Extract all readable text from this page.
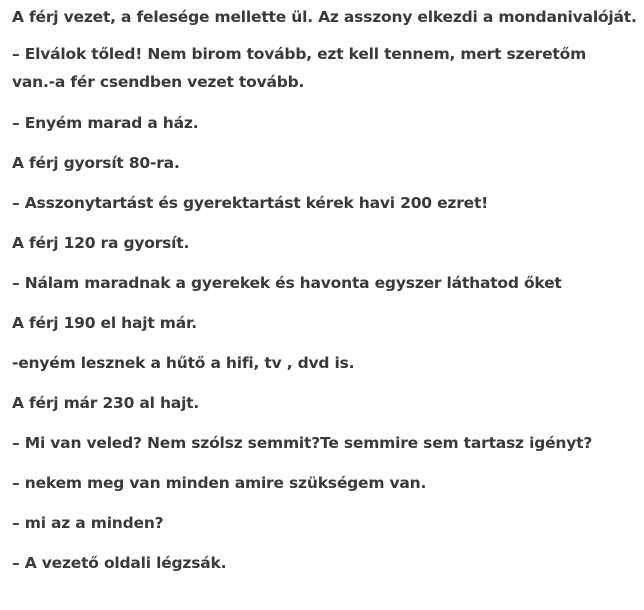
A férj vezet, a felesége mellette ül. Az asszony elkezdi a mondanivalóját.

– Elválok tőled! Nem birom tovább, ezt kell tennem, mert szeretőm

van.-a fér csendben vezet tovább.

– Enyém marad a ház.

A férj gyorsít 80-ra.

– Asszonytartást és gyerektartást kérek havi 200 ezret!

A férj 120 ra gyorsít.

– Nálam maradnak a gyerekek és havonta egyszer láthatod őket

A férj 190 el hajt már.

-enyém lesznek a hűtő a hifi, tv , dvd is.

A férj már 230 al hajt.

– Mi van veled? Nem szólsz semmit?Te semmire sem tartasz igényt?

– nekem meg van minden amire szükségem van.

– mi az a minden?

– A vezető oldali légzsák.
